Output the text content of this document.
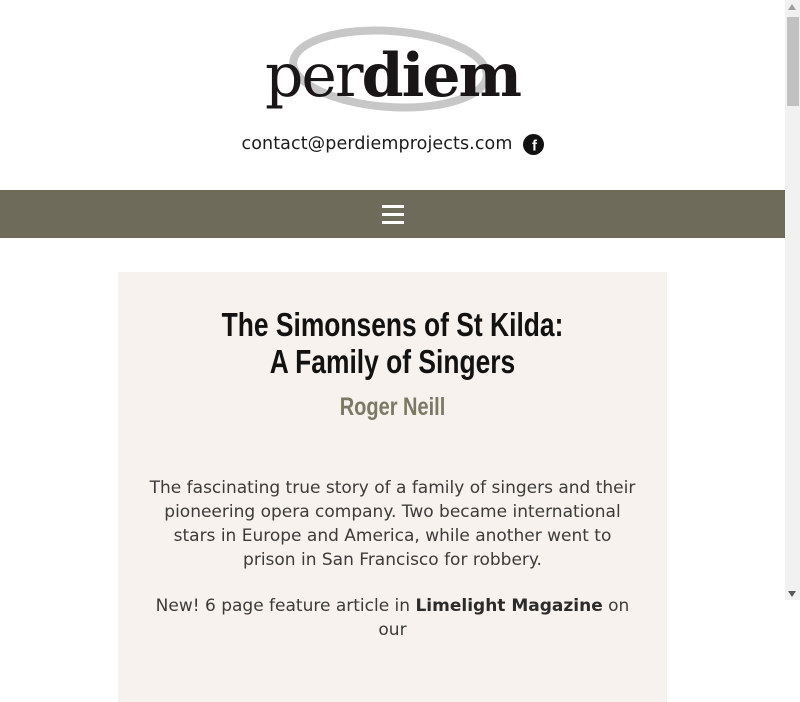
perdiem
contact@perdiemprojects.com f
The Simonsens of St Kilda:
A Family of Singers
Roger Neill

The fascinating true story of a family of singers and their pioneering opera company. Two became international stars in Europe and America, while another went to prison in San Francisco for robbery.

New! 6 page feature article in Limelight Magazine on our
